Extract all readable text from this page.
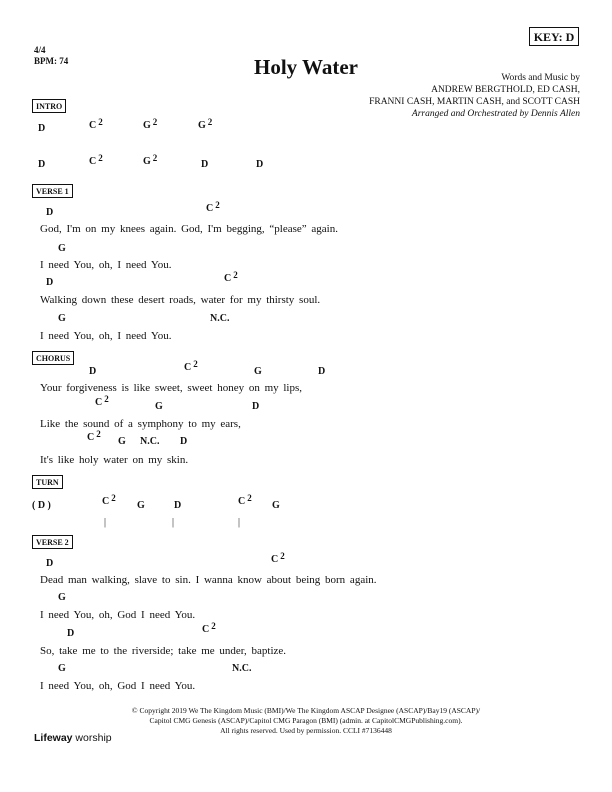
KEY: D
4/4
BPM: 74	Holy Water	Words and Music by
ANDREW BERGTHOLD, ED CASH,
FRANNI CASH, MARTIN CASH, and SCOTT CASH
Arranged and Orchestrated by Dennis Allen
INTRO
D	C $^2$	G $^2$	G $^2$
D	C $^2$	G $^2$
D	D
VERSE 1
D	C $^2$
God, I'm on my knees again. God, I'm begging, “please” again.
G
I need You, oh, I need You.
D	C $^2$
Walking down these desert roads, water for my thirsty soul.
G	N.C.
I need You, oh, I need You.
CHORUS
D	C $^2$
G	D
Your forgiveness is like sweet, sweet honey on my lips,
C $^2$
G	D
Like the sound of a symphony to my ears,
C $^2$
G N.C. D
It's like holy water on my skin.
TURN
( D )	C $^2$
G	D	C $^2$
G
|	|	|
VERSE 2
D	C $^2$
Dead man walking, slave to sin. I wanna know about being born again.
G
I need You, oh, God I need You.
D	C $^2$
So, take me to the riverside; take me under, baptize.
G	N.C.
I need You, oh, God I need You.
© Copyright 2019 We The Kingdom Music (BMI)/We The Kingdom ASCAP Designee (ASCAP)/Bay19 (ASCAP)/
Capitol CMG Genesis (ASCAP)/Capitol CMG Paragon (BMI) (admin. at CapitolCMGPublishing.com).
All rights reserved. Used by permission. CCLI #7136448
Lifeway worship
